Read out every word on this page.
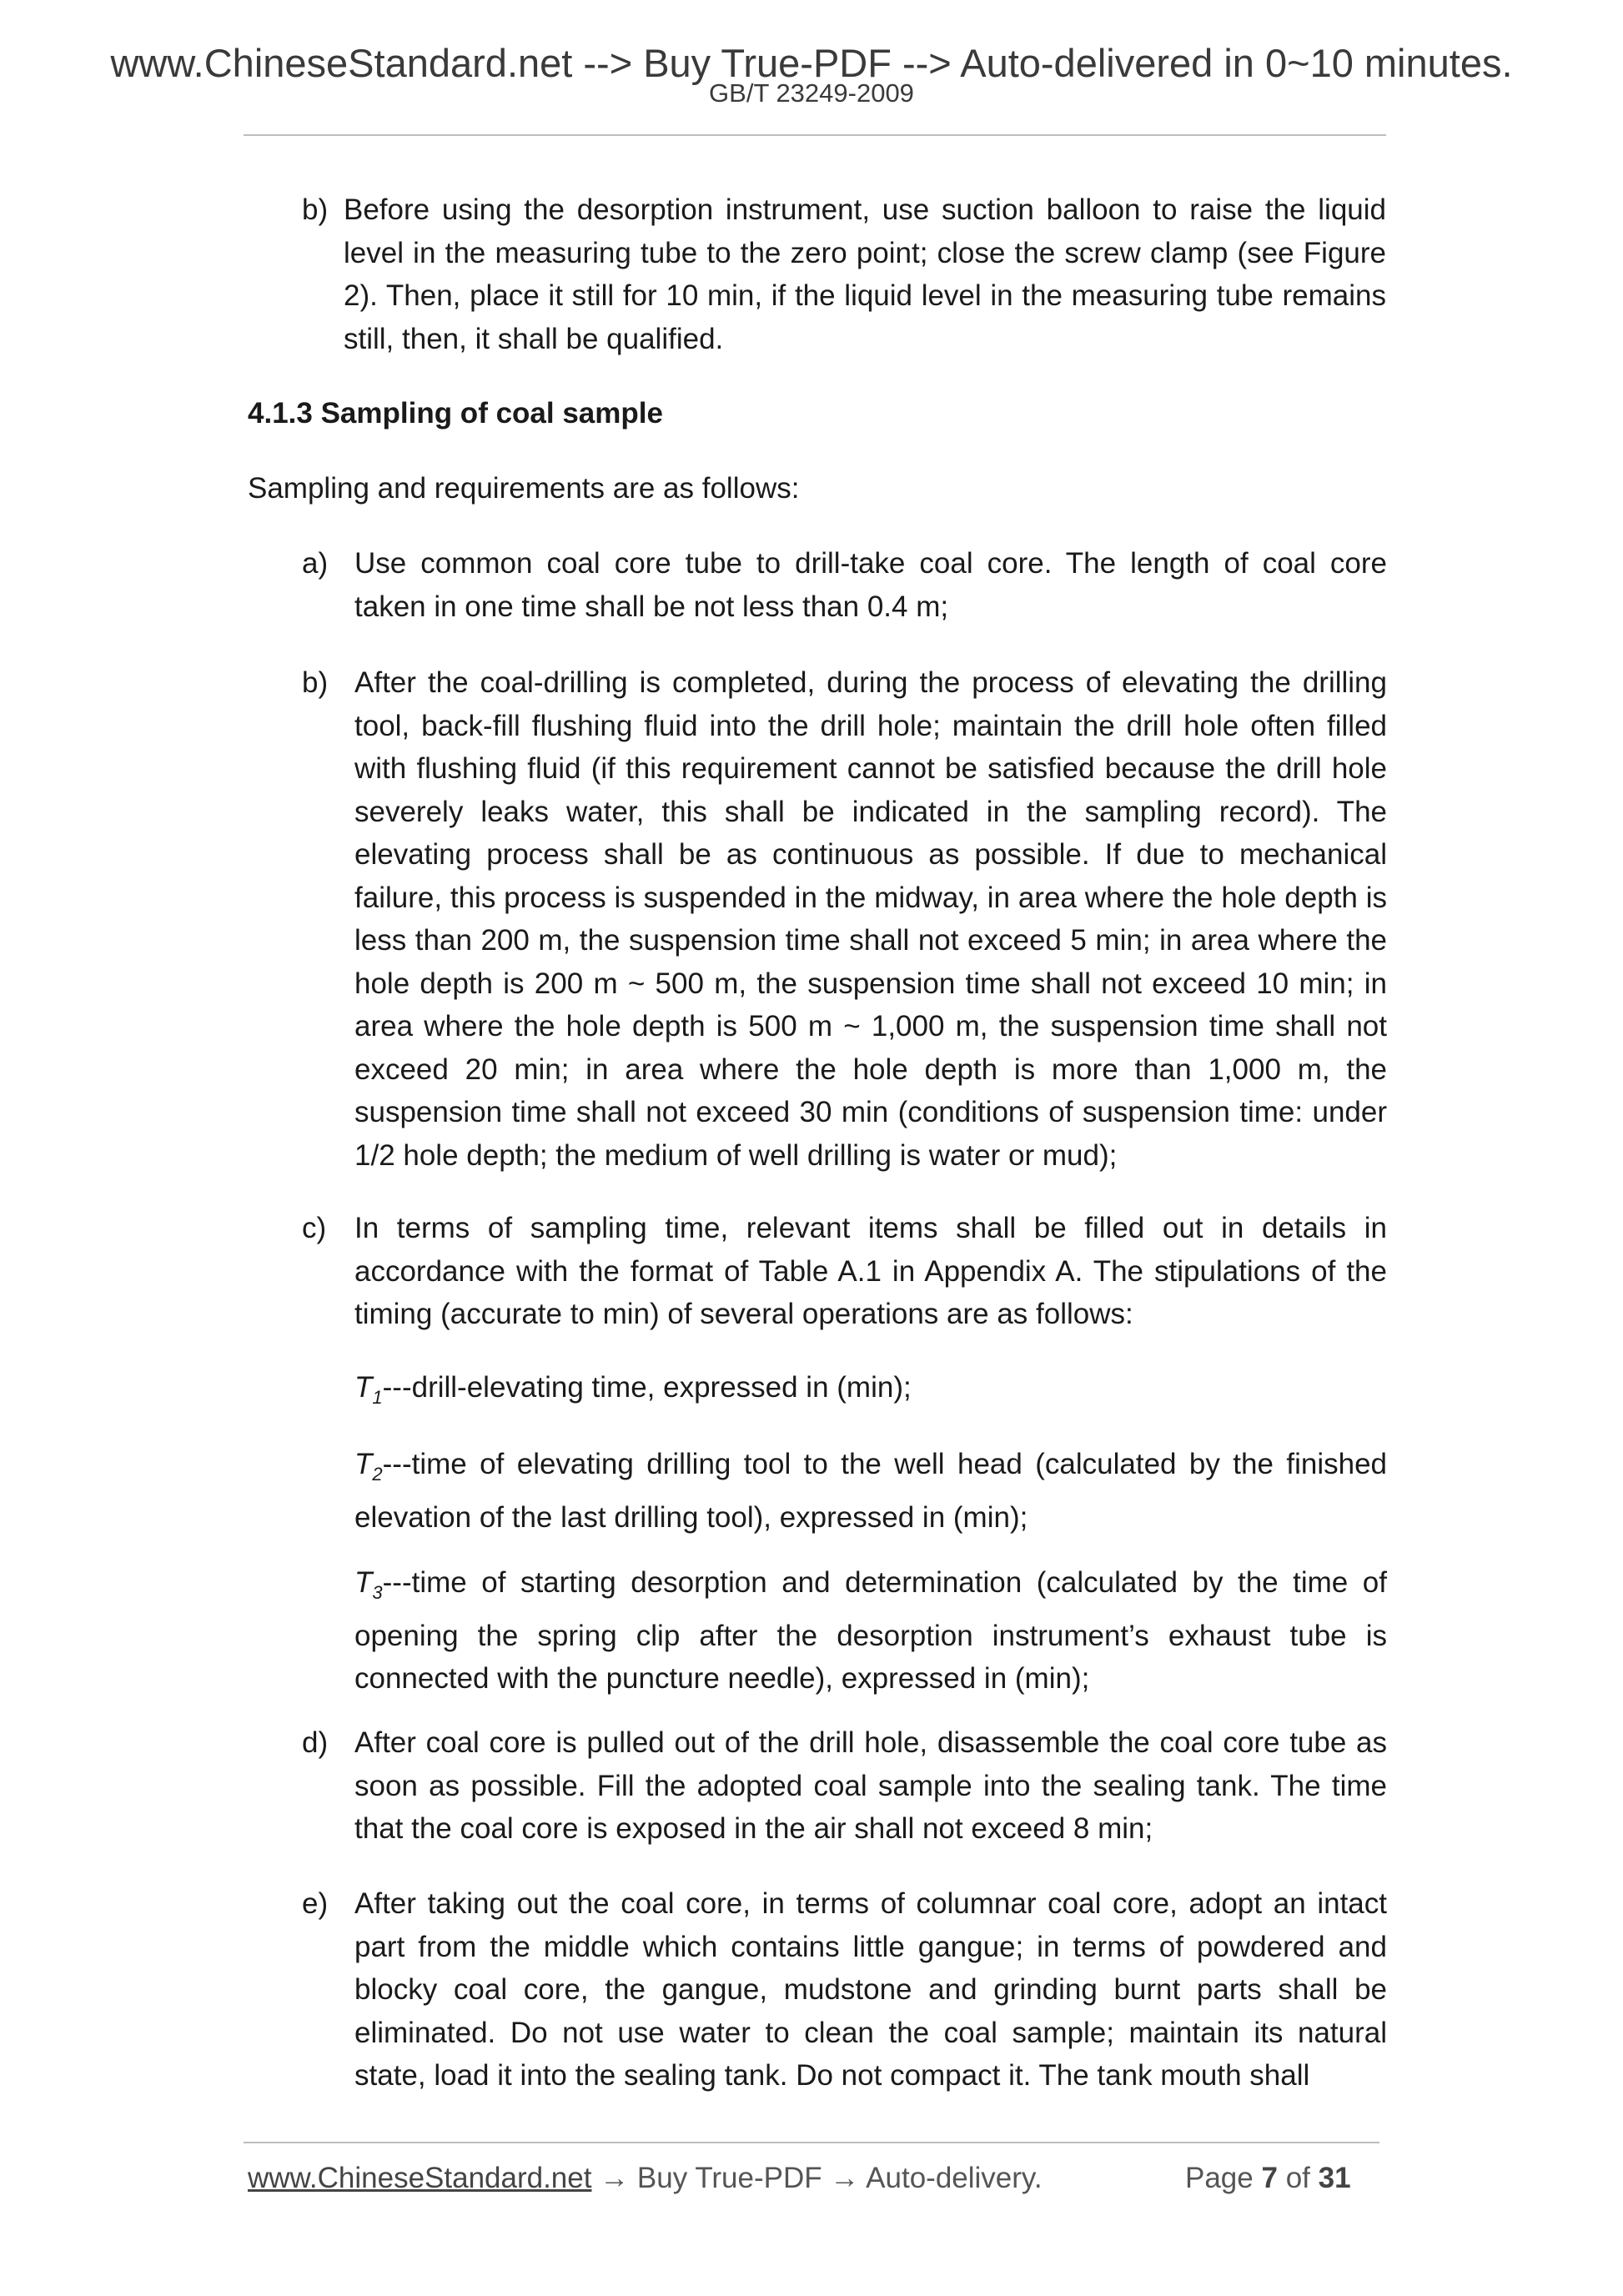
www.ChineseStandard.net --> Buy True-PDF --> Auto-delivered in 0~10 minutes.
GB/T 23249-2009
b) Before using the desorption instrument, use suction balloon to raise the liquid level in the measuring tube to the zero point; close the screw clamp (see Figure 2). Then, place it still for 10 min, if the liquid level in the measuring tube remains still, then, it shall be qualified.
4.1.3 Sampling of coal sample
Sampling and requirements are as follows:
a) Use common coal core tube to drill-take coal core. The length of coal core taken in one time shall be not less than 0.4 m;
b) After the coal-drilling is completed, during the process of elevating the drilling tool, back-fill flushing fluid into the drill hole; maintain the drill hole often filled with flushing fluid (if this requirement cannot be satisfied because the drill hole severely leaks water, this shall be indicated in the sampling record). The elevating process shall be as continuous as possible. If due to mechanical failure, this process is suspended in the midway, in area where the hole depth is less than 200 m, the suspension time shall not exceed 5 min; in area where the hole depth is 200 m ~ 500 m, the suspension time shall not exceed 10 min; in area where the hole depth is 500 m ~ 1,000 m, the suspension time shall not exceed 20 min; in area where the hole depth is more than 1,000 m, the suspension time shall not exceed 30 min (conditions of suspension time: under 1/2 hole depth; the medium of well drilling is water or mud);
c) In terms of sampling time, relevant items shall be filled out in details in accordance with the format of Table A.1 in Appendix A. The stipulations of the timing (accurate to min) of several operations are as follows:
$T_1---drill$-elevating time, expressed in (min);
$T_2--$-time of elevating drilling tool to the well head (calculated by the finished elevation of the last drilling tool), expressed in (min);
$T_3--$-time of starting desorption and determination (calculated by the time of opening the spring clip after the desorption instrument’s exhaust tube is connected with the puncture needle), expressed in (min);
d) After coal core is pulled out of the drill hole, disassemble the coal core tube as soon as possible. Fill the adopted coal sample into the sealing tank. The time that the coal core is exposed in the air shall not exceed 8 min;
e) After taking out the coal core, in terms of columnar coal core, adopt an intact part from the middle which contains little gangue; in terms of powdered and blocky coal core, the gangue, mudstone and grinding burnt parts shall be eliminated. Do not use water to clean the coal sample; maintain its natural state, load it into the sealing tank. Do not compact it. The tank mouth shall
www.ChineseStandard.net → Buy True-PDF → Auto-delivery.	Page 7 of 31
